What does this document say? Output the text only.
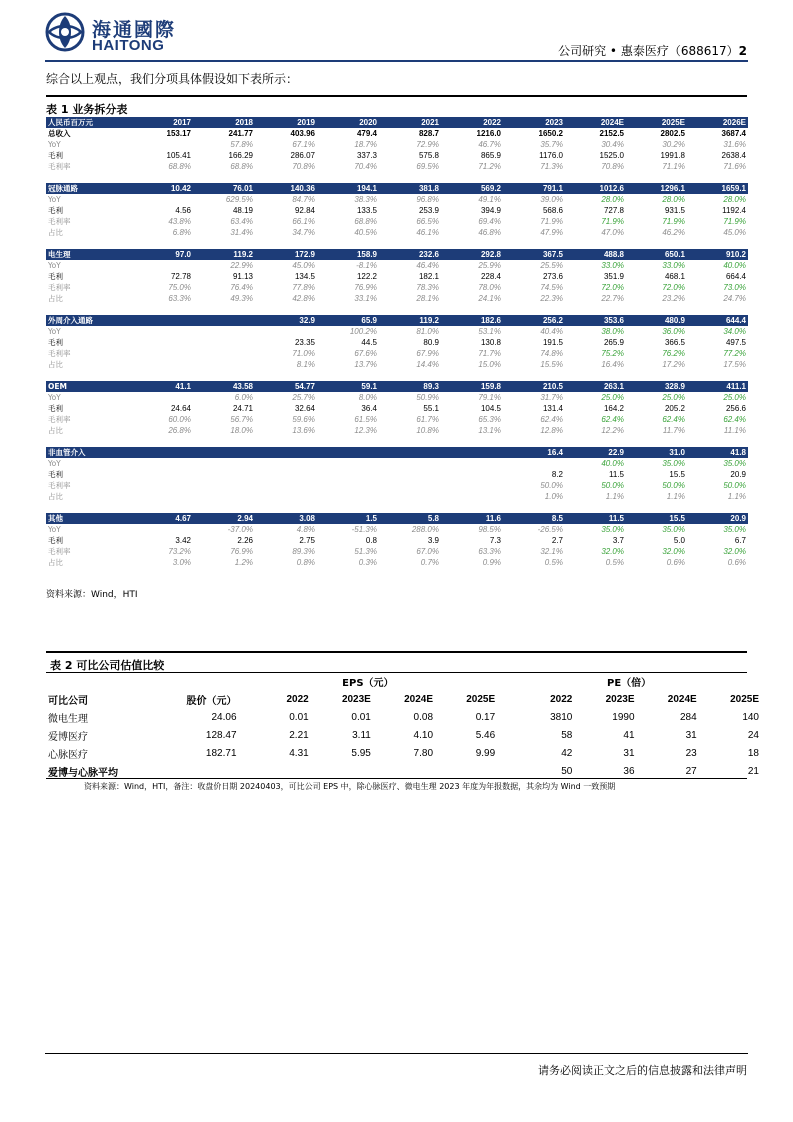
海通國際
HAITONG	公司研究 • 惠泰医疗（688617）2
综合以上观点，我们分项具体假设如下表所示：
表 1 业务拆分表
人民币百万元	2017	2018	2019	2020	2021	2022	2023	2024E	2025E	2026E
总收入	153.17	241.77	403.96	479.4	828.7	1216.0	1650.2	2152.5	2802.5	3687.4
YoY		57.8%	67.1%	18.7%	72.9%	46.7%	35.7%	30.4%	30.2%	31.6%
毛利	105.41	166.29	286.07	337.3	575.8	865.9	1176.0	1525.0	1991.8	2638.4
毛利率	68.8%	68.8%	70.8%	70.4%	69.5%	71.2%	71.3%	70.8%	71.1%	71.6%

冠脉通路	10.42	76.01	140.36	194.1	381.8	569.2	791.1	1012.6	1296.1	1659.1
YoY		629.5%	84.7%	38.3%	96.8%	49.1%	39.0%	28.0%	28.0%	28.0%
毛利	4.56	48.19	92.84	133.5	253.9	394.9	568.6	727.8	931.5	1192.4
毛利率	43.8%	63.4%	66.1%	68.8%	66.5%	69.4%	71.9%	71.9%	71.9%	71.9%
占比	6.8%	31.4%	34.7%	40.5%	46.1%	46.8%	47.9%	47.0%	46.2%	45.0%

电生理	97.0	119.2	172.9	158.9	232.6	292.8	367.5	488.8	650.1	910.2
YoY		22.9%	45.0%	-8.1%	46.4%	25.9%	25.5%	33.0%	33.0%	40.0%
毛利	72.78	91.13	134.5	122.2	182.1	228.4	273.6	351.9	468.1	664.4
毛利率	75.0%	76.4%	77.8%	76.9%	78.3%	78.0%	74.5%	72.0%	72.0%	73.0%
占比	63.3%	49.3%	42.8%	33.1%	28.1%	24.1%	22.3%	22.7%	23.2%	24.7%

外周介入通路			32.9	65.9	119.2	182.6	256.2	353.6	480.9	644.4
YoY				100.2%	81.0%	53.1%	40.4%	38.0%	36.0%	34.0%
毛利			23.35	44.5	80.9	130.8	191.5	265.9	366.5	497.5
毛利率			71.0%	67.6%	67.9%	71.7%	74.8%	75.2%	76.2%	77.2%
占比			8.1%	13.7%	14.4%	15.0%	15.5%	16.4%	17.2%	17.5%

OEM	41.1	43.58	54.77	59.1	89.3	159.8	210.5	263.1	328.9	411.1
YoY		6.0%	25.7%	8.0%	50.9%	79.1%	31.7%	25.0%	25.0%	25.0%
毛利	24.64	24.71	32.64	36.4	55.1	104.5	131.4	164.2	205.2	256.6
毛利率	60.0%	56.7%	59.6%	61.5%	61.7%	65.3%	62.4%	62.4%	62.4%	62.4%
占比	26.8%	18.0%	13.6%	12.3%	10.8%	13.1%	12.8%	12.2%	11.7%	11.1%

非血管介入							16.4	22.9	31.0	41.8
YoY								40.0%	35.0%	35.0%
毛利							8.2	11.5	15.5	20.9
毛利率							50.0%	50.0%	50.0%	50.0%
占比							1.0%	1.1%	1.1%	1.1%

其他	4.67	2.94	3.08	1.5	5.8	11.6	8.5	11.5	15.5	20.9
YoY		-37.0%	4.8%	-51.3%	288.0%	98.5%	-26.5%	35.0%	35.0%	35.0%
毛利	3.42	2.26	2.75	0.8	3.9	7.3	2.7	3.7	5.0	6.7
毛利率	73.2%	76.9%	89.3%	51.3%	67.0%	63.3%	32.1%	32.0%	32.0%	32.0%
占比	3.0%	1.2%	0.8%	0.3%	0.7%	0.9%	0.5%	0.5%	0.6%	0.6%
资料来源：Wind，HTI
表 2 可比公司估值比较
		EPS（元）				PE（倍）			
可比公司	股价（元）	2022	2023E	2024E	2025E	2022	2023E	2024E	2025E
微电生理	24.06	0.01	0.01	0.08	0.17	3810	1990	284	140
爱博医疗	128.47	2.21	3.11	4.10	5.46	58	41	31	24
心脉医疗	182.71	4.31	5.95	7.80	9.99	42	31	23	18
爱博与心脉平均						50	36	27	21
资料来源：Wind，HTI，备注：收盘价日期 20240403，可比公司 EPS 中，除心脉医疗、微电生理 2023 年度为年报数据，其余均为 Wind 一致预期
请务必阅读正文之后的信息披露和法律声明
